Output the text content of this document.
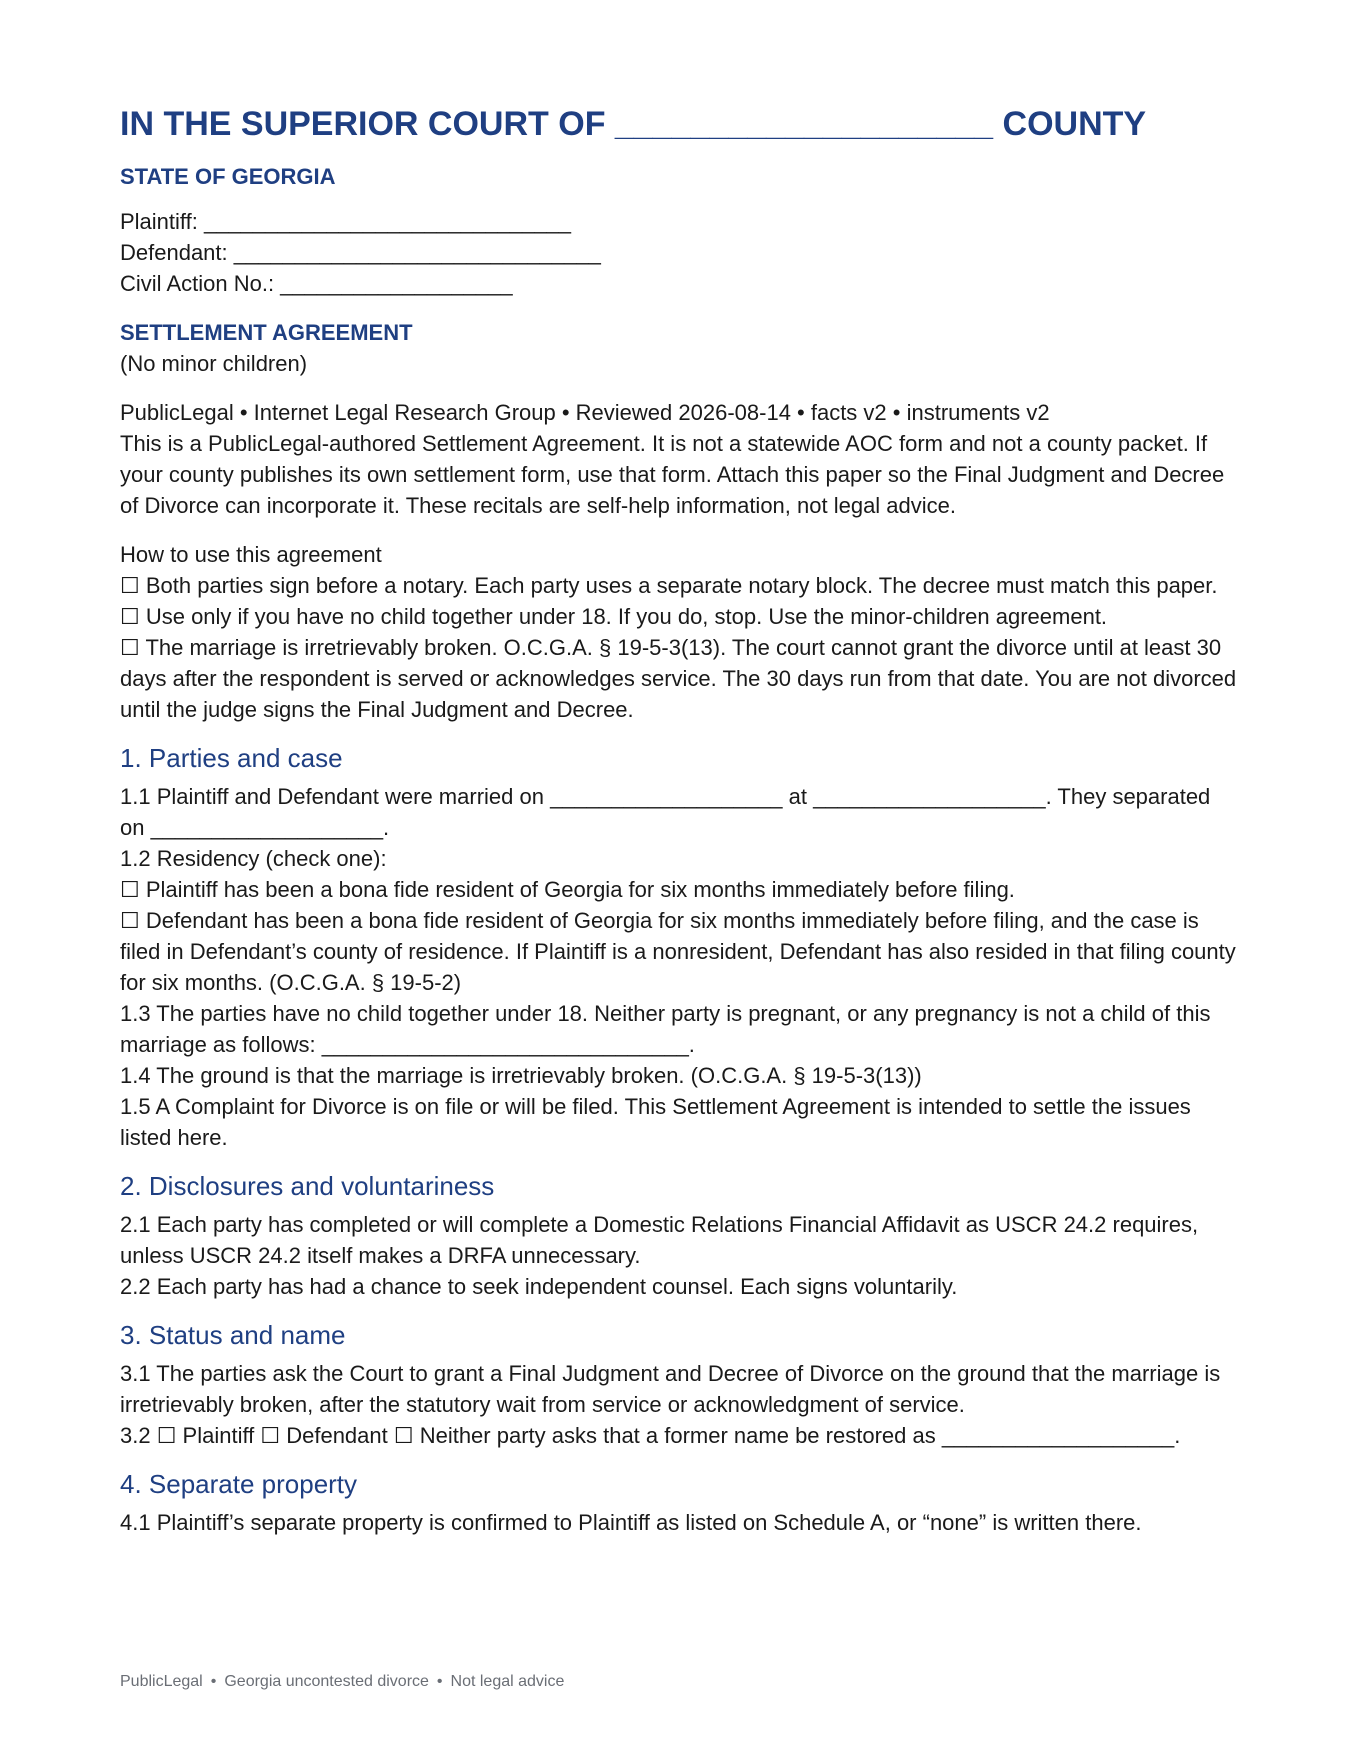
IN THE SUPERIOR COURT OF ____________________ COUNTY
STATE OF GEORGIA
Plaintiff: ______________________________
Defendant: ______________________________
Civil Action No.: ___________________
SETTLEMENT AGREEMENT

(No minor children)

PublicLegal • Internet Legal Research Group • Reviewed 2026-08-14 • facts v2 • instruments v2

This is a PublicLegal-authored Settlement Agreement. It is not a statewide AOC form and not a county packet. If your county publishes its own settlement form, use that form. Attach this paper so the Final Judgment and Decree of Divorce can incorporate it. These recitals are self-help information, not legal advice.

How to use this agreement

☐ Both parties sign before a notary. Each party uses a separate notary block. The decree must match this paper.

☐ Use only if you have no child together under 18. If you do, stop. Use the minor-children agreement.

☐ The marriage is irretrievably broken. O.C.G.A. § 19-5-3(13). The court cannot grant the divorce until at least 30 days after the respondent is served or acknowledges service. The 30 days run from that date. You are not divorced until the judge signs the Final Judgment and Decree.

1. Parties and case

1.1 Plaintiff and Defendant were married on ___________________ at ___________________. They separated on ___________________.

1.2 Residency (check one):

☐ Plaintiff has been a bona fide resident of Georgia for six months immediately before filing.

☐ Defendant has been a bona fide resident of Georgia for six months immediately before filing, and the case is filed in Defendant’s county of residence. If Plaintiff is a nonresident, Defendant has also resided in that filing county for six months. (O.C.G.A. § 19-5-2)

1.3 The parties have no child together under 18. Neither party is pregnant, or any pregnancy is not a child of this marriage as follows: ______________________________.

1.4 The ground is that the marriage is irretrievably broken. (O.C.G.A. § 19-5-3(13))

1.5 A Complaint for Divorce is on file or will be filed. This Settlement Agreement is intended to settle the issues listed here.

2. Disclosures and voluntariness

2.1 Each party has completed or will complete a Domestic Relations Financial Affidavit as USCR 24.2 requires, unless USCR 24.2 itself makes a DRFA unnecessary.

2.2 Each party has had a chance to seek independent counsel. Each signs voluntarily.

3. Status and name

3.1 The parties ask the Court to grant a Final Judgment and Decree of Divorce on the ground that the marriage is irretrievably broken, after the statutory wait from service or acknowledgment of service.

3.2 ☐ Plaintiff ☐ Defendant ☐ Neither party asks that a former name be restored as ___________________.

4. Separate property

4.1 Plaintiff’s separate property is confirmed to Plaintiff as listed on Schedule A, or “none” is written there.

PublicLegal • Georgia uncontested divorce • Not legal advice
